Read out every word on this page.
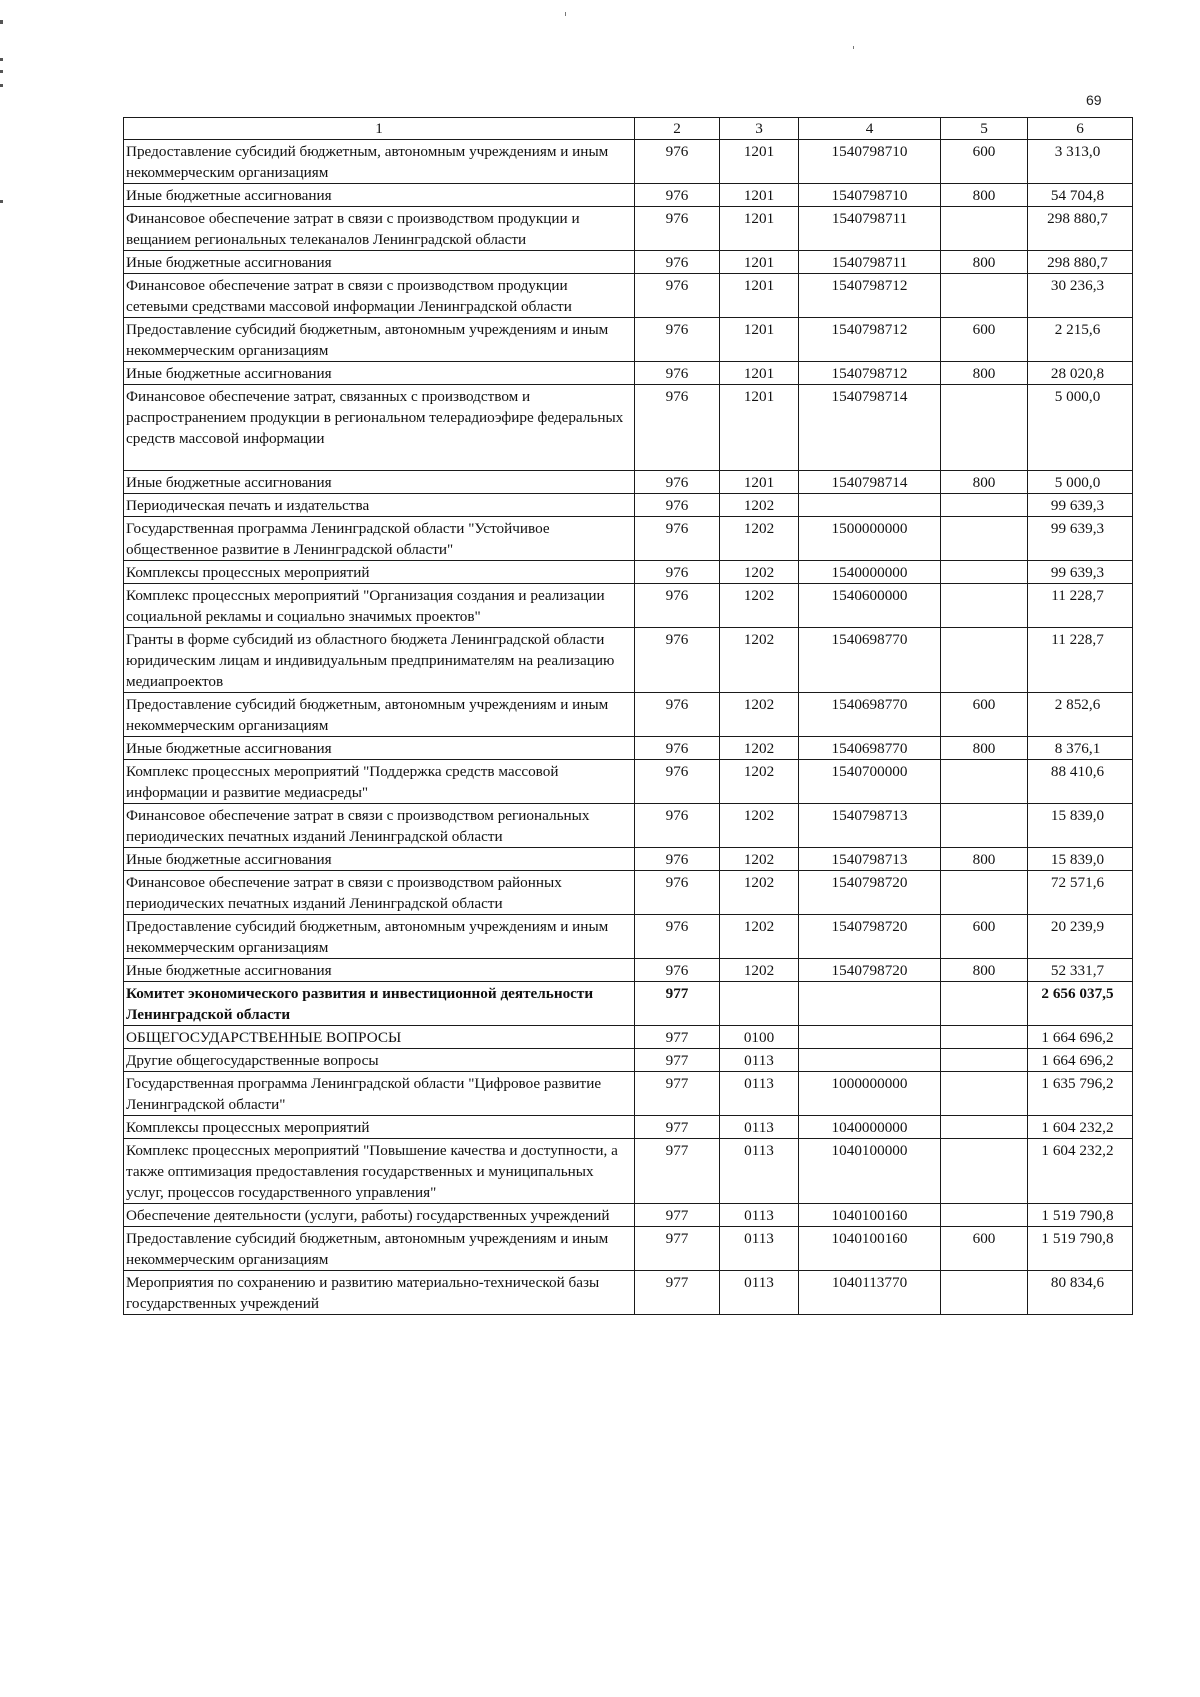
69
1	2	3	4	5	6
Предоставление субсидий бюджетным, автономным учреждениям и иным некоммерческим организациям	976	1201	1540798710	600	3 313,0
Иные бюджетные ассигнования	976	1201	1540798710	800	54 704,8
Финансовое обеспечение затрат в связи с производством продукции и вещанием региональных телеканалов Ленинградской области	976	1201	1540798711		298 880,7
Иные бюджетные ассигнования	976	1201	1540798711	800	298 880,7
Финансовое обеспечение затрат в связи с производством продукции сетевыми средствами массовой информации Ленинградской области	976	1201	1540798712		30 236,3
Предоставление субсидий бюджетным, автономным учреждениям и иным некоммерческим организациям	976	1201	1540798712	600	2 215,6
Иные бюджетные ассигнования	976	1201	1540798712	800	28 020,8
Финансовое обеспечение затрат, связанных с производством и распространением продукции в региональном телерадиоэфире федеральных средств массовой информации	976	1201	1540798714		5 000,0
Иные бюджетные ассигнования	976	1201	1540798714	800	5 000,0
Периодическая печать и издательства	976	1202			99 639,3
Государственная программа Ленинградской области "Устойчивое общественное развитие в Ленинградской области"	976	1202	1500000000		99 639,3
Комплексы процессных мероприятий	976	1202	1540000000		99 639,3
Комплекс процессных мероприятий "Организация создания и реализации социальной рекламы и социально значимых проектов"	976	1202	1540600000		11 228,7
Гранты в форме субсидий из областного бюджета Ленинградской области юридическим лицам и индивидуальным предпринимателям на реализацию медиапроектов	976	1202	1540698770		11 228,7
Предоставление субсидий бюджетным, автономным учреждениям и иным некоммерческим организациям	976	1202	1540698770	600	2 852,6
Иные бюджетные ассигнования	976	1202	1540698770	800	8 376,1
Комплекс процессных мероприятий "Поддержка средств массовой информации и развитие медиасреды"	976	1202	1540700000		88 410,6
Финансовое обеспечение затрат в связи с производством региональных периодических печатных изданий Ленинградской области	976	1202	1540798713		15 839,0
Иные бюджетные ассигнования	976	1202	1540798713	800	15 839,0
Финансовое обеспечение затрат в связи с производством районных периодических печатных изданий Ленинградской области	976	1202	1540798720		72 571,6
Предоставление субсидий бюджетным, автономным учреждениям и иным некоммерческим организациям	976	1202	1540798720	600	20 239,9
Иные бюджетные ассигнования	976	1202	1540798720	800	52 331,7
Комитет экономического развития и инвестиционной деятельности Ленинградской области	977				2 656 037,5
ОБЩЕГОСУДАРСТВЕННЫЕ ВОПРОСЫ	977	0100			1 664 696,2
Другие общегосударственные вопросы	977	0113			1 664 696,2
Государственная программа Ленинградской области "Цифровое развитие Ленинградской области"	977	0113	1000000000		1 635 796,2
Комплексы процессных мероприятий	977	0113	1040000000		1 604 232,2
Комплекс процессных мероприятий "Повышение качества и доступности, а также оптимизация предоставления государственных и муниципальных услуг, процессов государственного управления"	977	0113	1040100000		1 604 232,2
Обеспечение деятельности (услуги, работы) государственных учреждений	977	0113	1040100160		1 519 790,8
Предоставление субсидий бюджетным, автономным учреждениям и иным некоммерческим организациям	977	0113	1040100160	600	1 519 790,8
Мероприятия по сохранению и развитию материально-технической базы государственных учреждений	977	0113	1040113770		80 834,6
